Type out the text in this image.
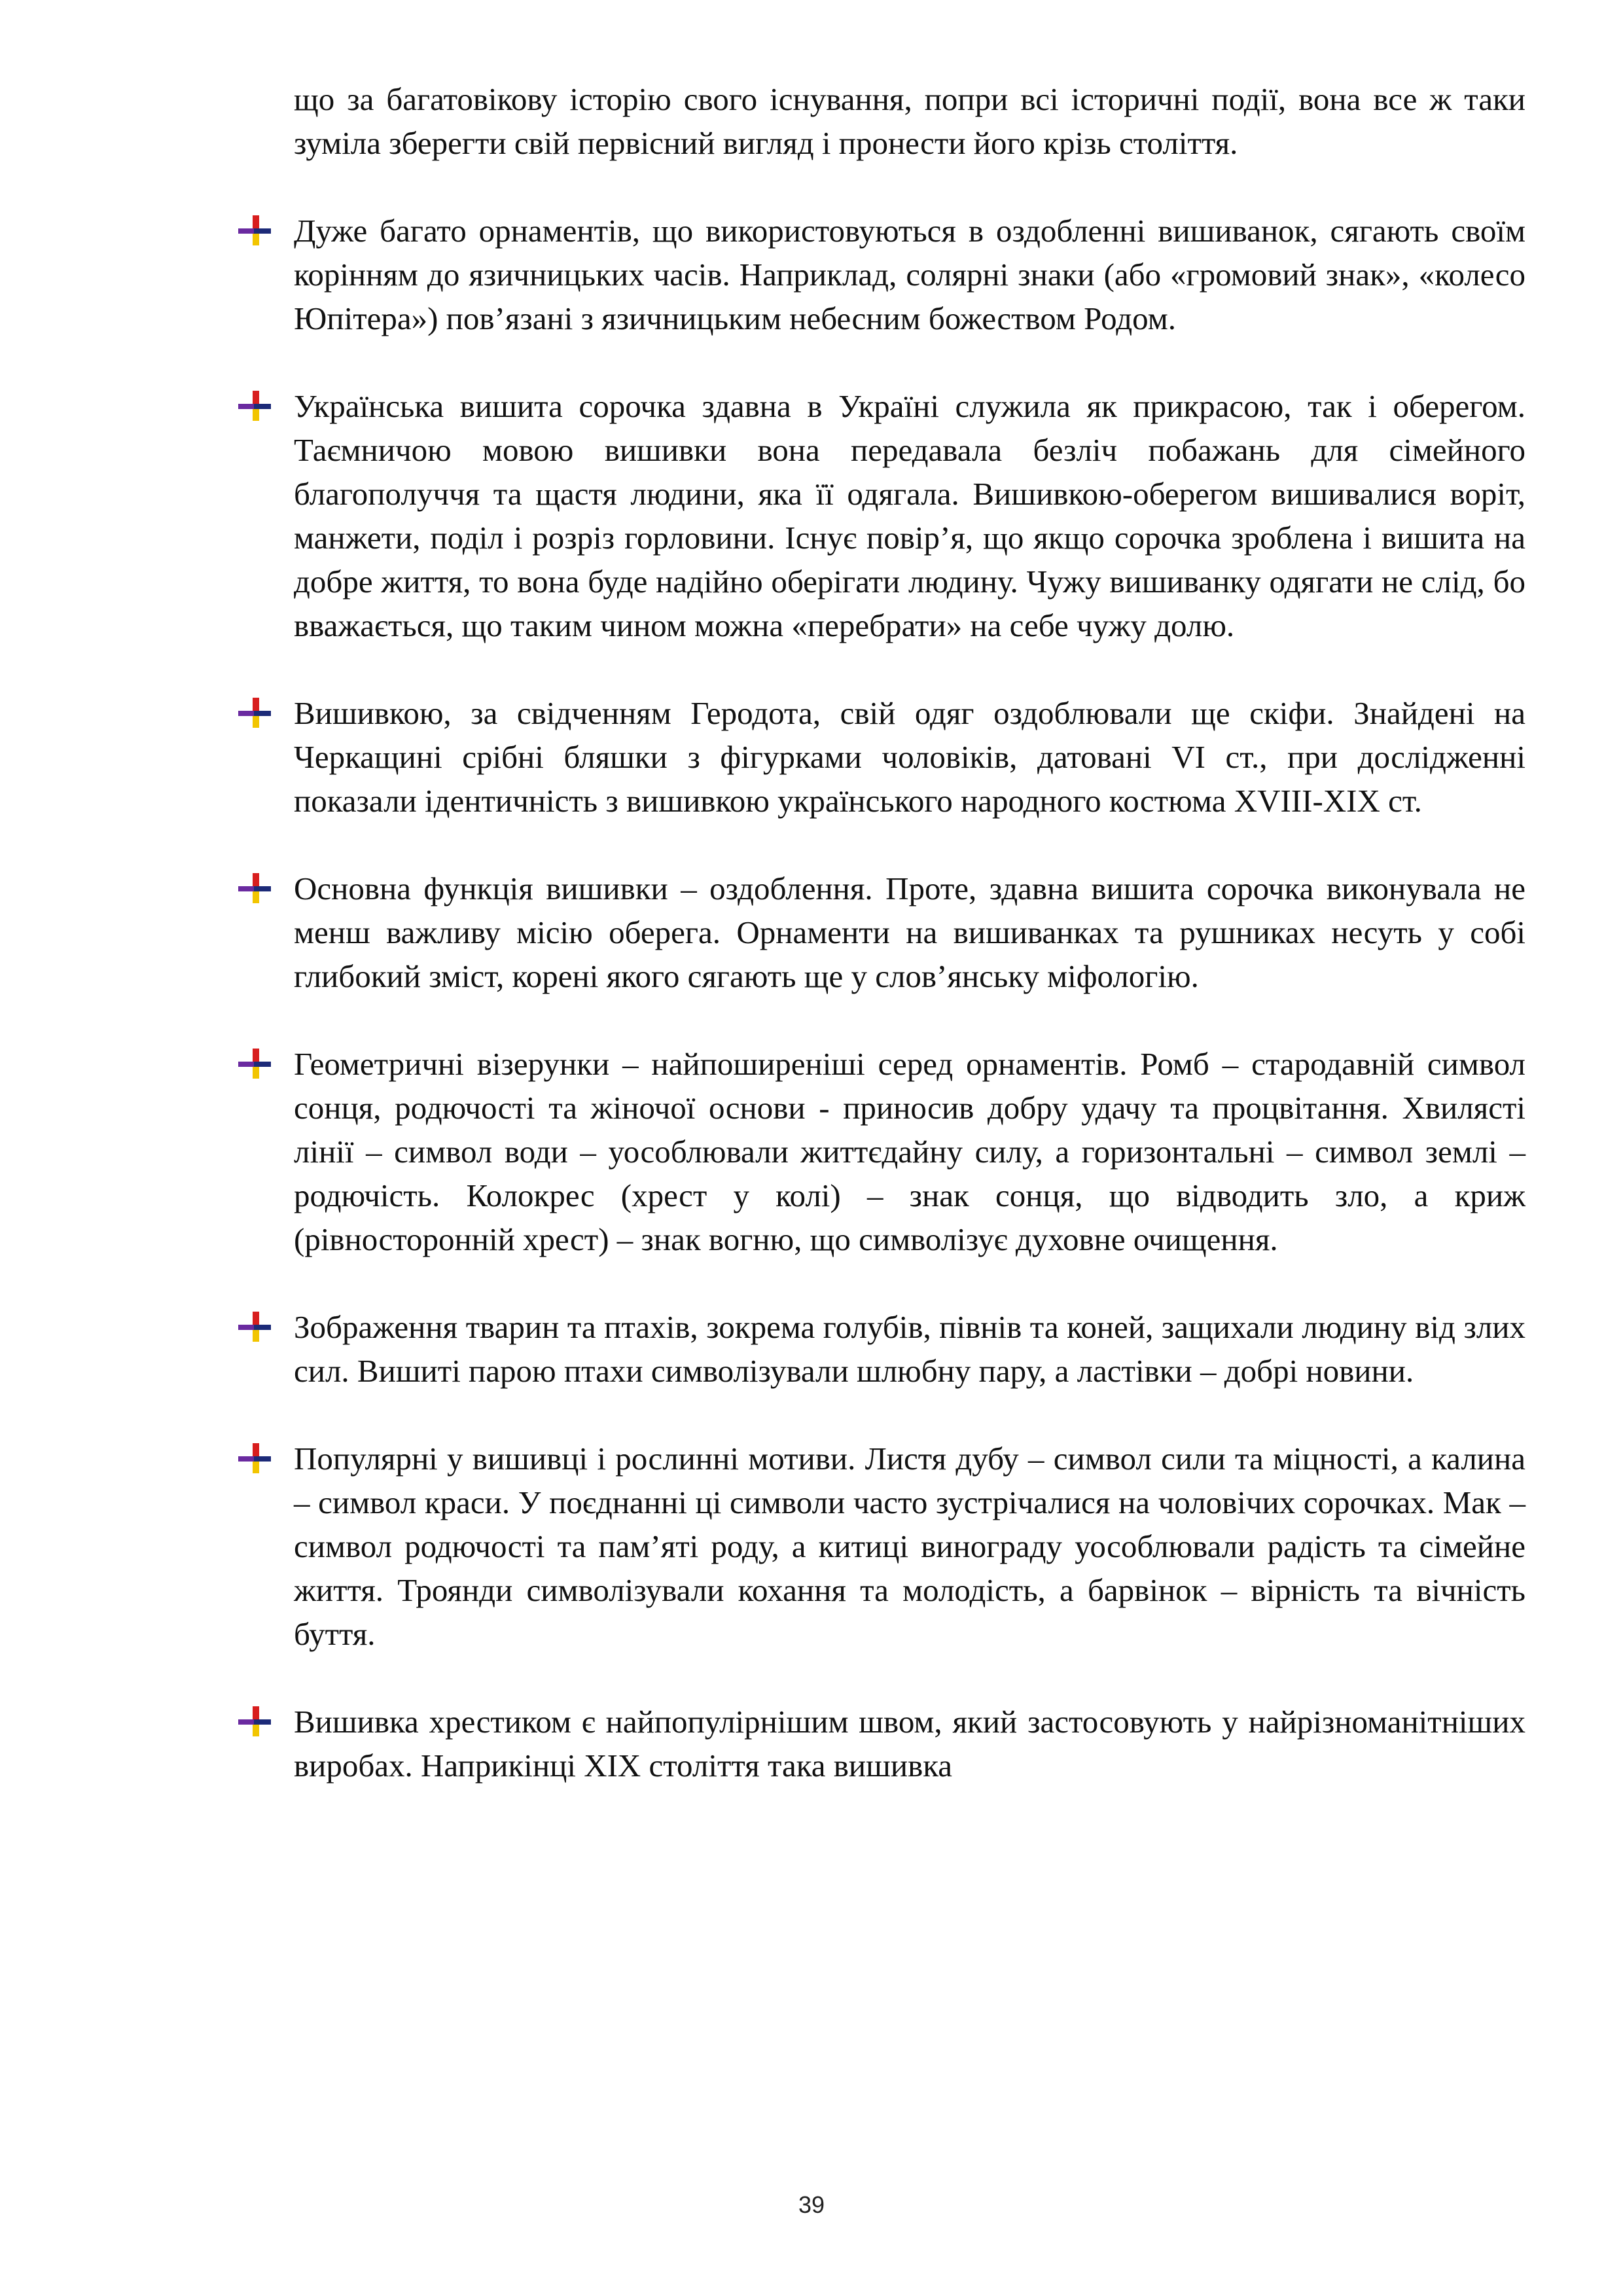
що за багатовікову історію свого існування, попри всі історичні події, вона все ж таки зуміла зберегти свій первісний вигляд і пронести його крізь століття.

Дуже багато орнаментів, що використовуються в оздобленні вишиванок, сягають своїм корінням до язичницьких часів. Наприклад, солярні знаки (або «громовий знак», «колесо Юпітера») пов’язані з язичницьким небесним божеством Родом.

Українська вишита сорочка здавна в Україні служила як прикрасою, так і оберегом. Таємничою мовою вишивки вона передавала безліч побажань для сімейного благополуччя та щастя людини, яка її одягала. Вишивкою-оберегом вишивалися воріт, манжети, поділ і розріз горловини. Існує повір’я, що якщо сорочка зроблена і вишита на добре життя, то вона буде надійно оберігати людину. Чужу вишиванку одягати не слід, бо вважається, що таким чином можна «перебрати» на себе чужу долю.

Вишивкою, за свідченням Геродота, свій одяг оздоблювали ще скіфи. Знайдені на Черкащині срібні бляшки з фігурками чоловіків, датовані VI ст., при дослідженні показали ідентичність з вишивкою українського народного костюма XVIII-XIX ст.

Основна функція вишивки – оздоблення. Проте, здавна вишита сорочка виконувала не менш важливу місію оберега. Орнаменти на вишиванках та рушниках несуть у собі глибокий зміст, корені якого сягають ще у слов’янську міфологію.

Геометричні візерунки – найпоширеніші серед орнаментів. Ромб – стародавній символ сонця, родючості та жіночої основи - приносив добру удачу та процвітання. Хвилясті лінії – символ води – уособлювали життєдайну силу, а горизонтальні – символ землі – родючість. Колокрес (хрест у колі) – знак сонця, що відводить зло, а криж (рівносторонній хрест) – знак вогню, що символізує духовне очищення.

Зображення тварин та птахів, зокрема голубів, півнів та коней, защихали людину від злих сил. Вишиті парою птахи символізували шлюбну пару, а ластівки – добрі новини.

Популярні у вишивці і рослинні мотиви. Листя дубу – символ сили та міцності, а калина – символ краси. У поєднанні ці символи часто зустрічалися на чоловічих сорочках. Мак – символ родючості та пам’яті роду, а китиці винограду уособлювали радість та сімейне життя. Троянди символізували кохання та молодість, а барвінок – вірність та вічність буття.

Вишивка хрестиком є найпопулірнішим швом, який застосовують у найрізноманітніших виробах. Наприкінці XIX століття така вишивка

39
